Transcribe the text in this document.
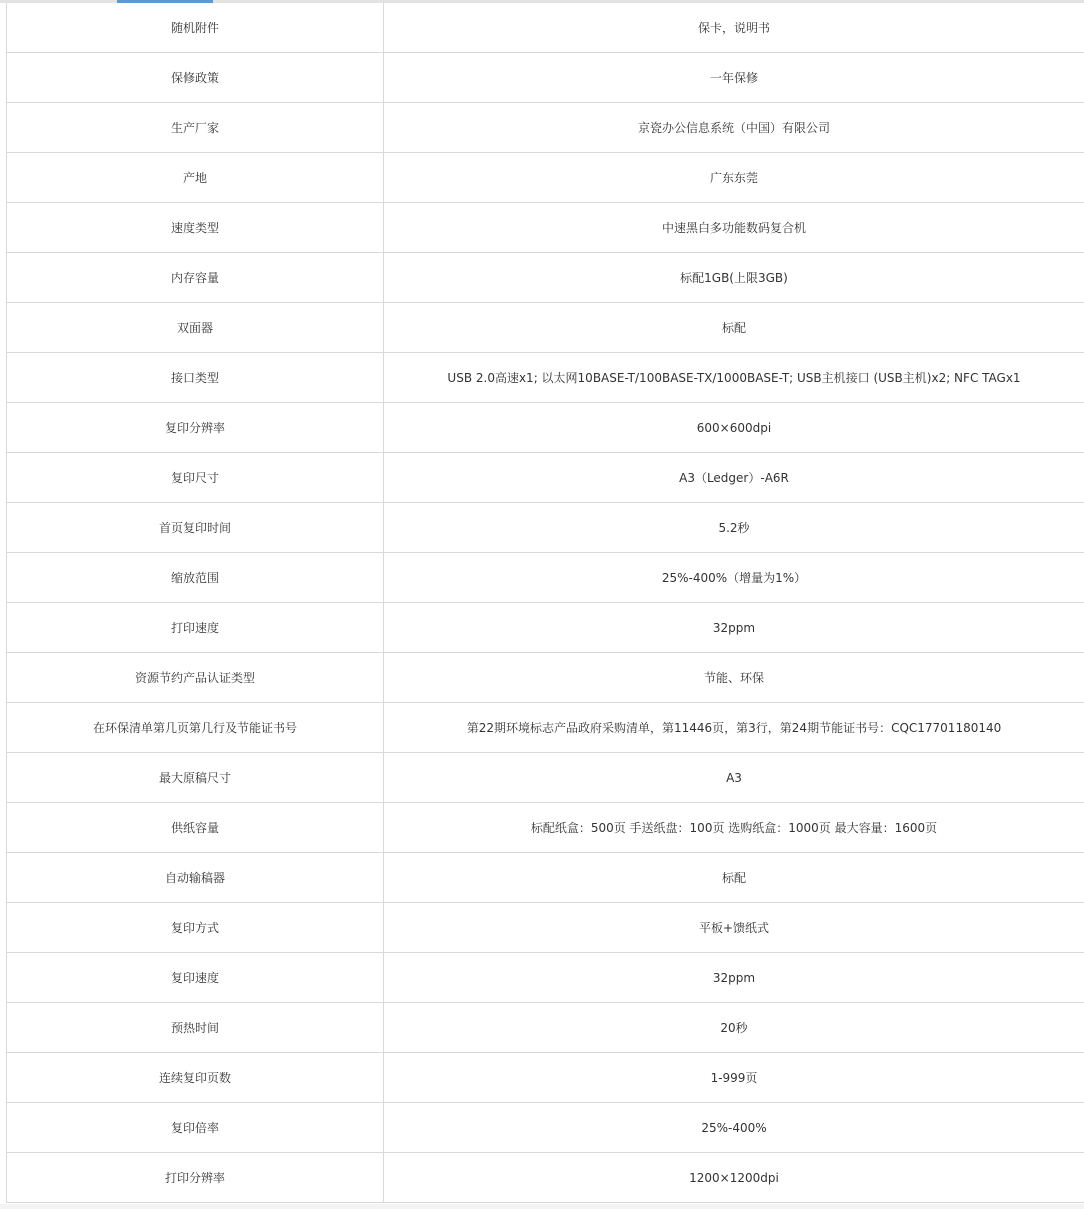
随机附件	保卡，说明书
保修政策	一年保修
生产厂家	京瓷办公信息系统（中国）有限公司
产地	广东东莞
速度类型	中速黑白多功能数码复合机
内存容量	标配1GB(上限3GB)
双面器	标配
接口类型	USB 2.0高速x1; 以太网10BASE-T/100BASE-TX/1000BASE-T; USB主机接口 (USB主机)x2; NFC TAGx1
复印分辨率	600×600dpi
复印尺寸	A3（Ledger）-A6R
首页复印时间	5.2秒
缩放范围	25%-400%（增量为1%）
打印速度	32ppm
资源节约产品认证类型	节能、环保
在环保清单第几页第几行及节能证书号	第22期环境标志产品政府采购清单，第11446页，第3行，第24期节能证书号：CQC17701180140
最大原稿尺寸	A3
供纸容量	标配纸盒：500页 手送纸盘：100页 选购纸盒：1000页 最大容量：1600页
自动输稿器	标配
复印方式	平板+馈纸式
复印速度	32ppm
预热时间	20秒
连续复印页数	1-999页
复印倍率	25%-400%
打印分辨率	1200×1200dpi
